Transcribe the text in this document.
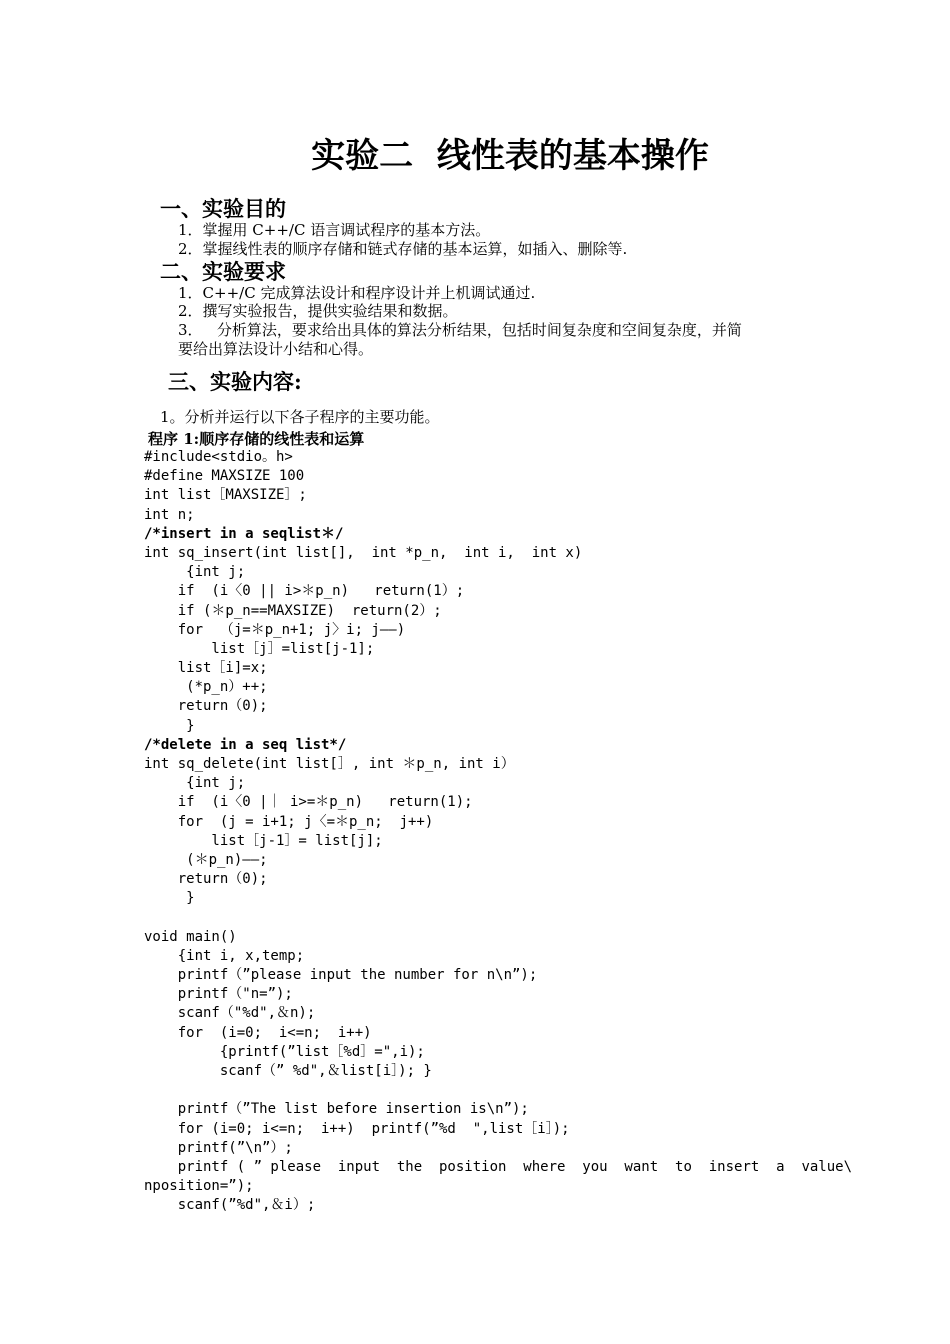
实验二  线性表的基本操作
一、实验目的
1．掌握用 C++/C 语言调试程序的基本方法。
2．掌握线性表的顺序存储和链式存储的基本运算，如插入、删除等.
二、实验要求
1．C++/C 完成算法设计和程序设计并上机调试通过.
2．撰写实验报告，提供实验结果和数据。
3．   分析算法，要求给出具体的算法分析结果，包括时间复杂度和空间复杂度，并简
要给出算法设计小结和心得。
三、实验内容:
1。分析并运行以下各子程序的主要功能。
程序 1:顺序存储的线性表和运算
#include<stdio。h>
#define MAXSIZE 100
int list［MAXSIZE］;
int n;
/*insert in a seqlist＊/
int sq_insert(int list[],  int *p_n,  int i,  int x)
{int j;
if  (i〈0 || i>＊p_n)   return(1）;
if (＊p_n==MAXSIZE)  return(2）;
for  （j=＊p_n+1; j〉i; j——)
list［j］=list[j-1];
list［i]=x;
(*p_n）++;
return（0);
}
/*delete in a seq list*/
int sq_delete(int list[］, int ＊p_n, int i）
{int j;
if  (i〈0 |｜ i>=＊p_n)   return(1);
for  (j = i+1; j〈=＊p_n;  j++)
list［j-1］= list[j];
(＊p_n)——;
return（0);
}
void main()
{int i, x,temp;
printf（”please input the number for n\n”);
printf（"n=”);
scanf（"%d",＆n);
for  (i=0;  i<=n;  i++)
{printf(”list［%d］=",i);
scanf（” %d",＆list[i］); }
printf（”The list before insertion is\n”);
for (i=0; i<=n;  i++)  printf(”%d  ",list［i］);
printf(”\n”）;
printf ( ” please  input  the  position  where  you  want  to  insert  a  value\
nposition=”);
scanf(”%d",＆i）;
